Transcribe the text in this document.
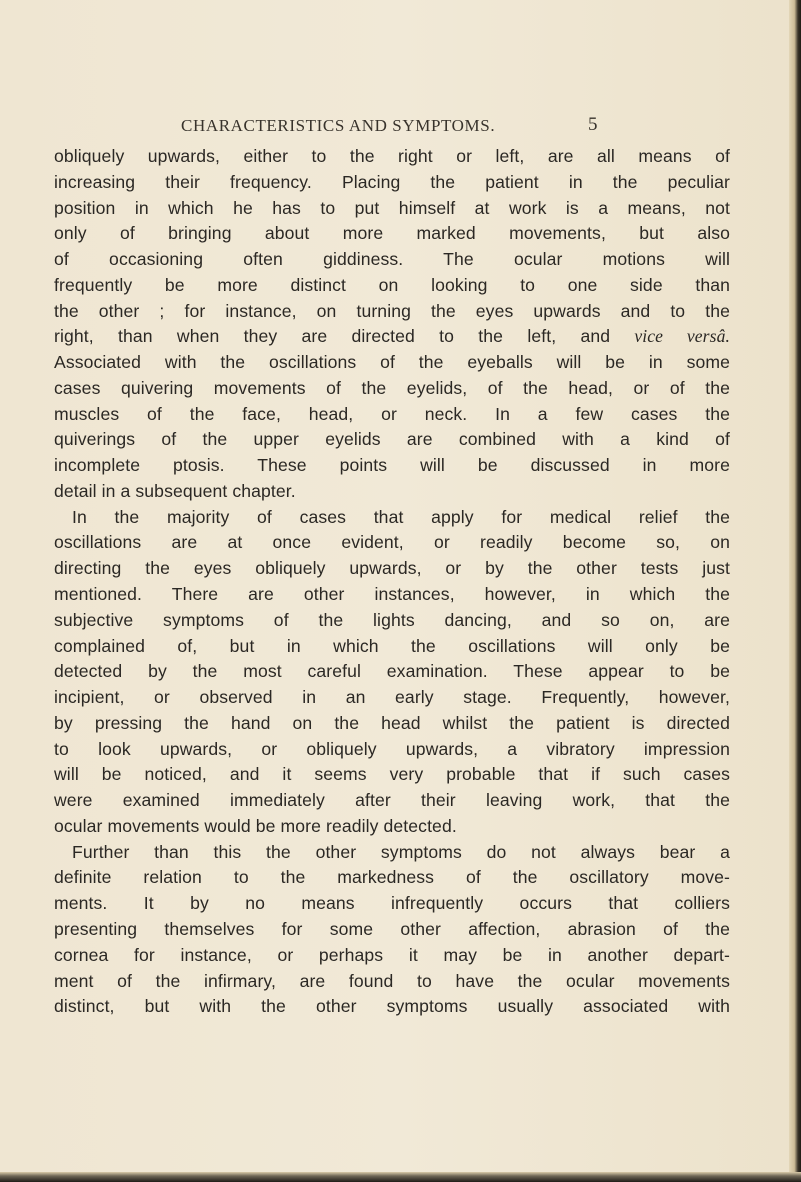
CHARACTERISTICS AND SYMPTOMS.	5
obliquely upwards, either to the right or left, are all means of
increasing their frequency. Placing the patient in the peculiar
position in which he has to put himself at work is a means, not
only of bringing about more marked movements, but also
of occasioning often giddiness. The ocular motions will
frequently be more distinct on looking to one side than
the other ; for instance, on turning the eyes upwards and to the
right, than when they are directed to the left, and vice versâ.
Associated with the oscillations of the eyeballs will be in some
cases quivering movements of the eyelids, of the head, or of the
muscles of the face, head, or neck. In a few cases the
quiverings of the upper eyelids are combined with a kind of
incomplete ptosis. These points will be discussed in more
detail in a subsequent chapter.
In the majority of cases that apply for medical relief the
oscillations are at once evident, or readily become so, on
directing the eyes obliquely upwards, or by the other tests just
mentioned. There are other instances, however, in which the
subjective symptoms of the lights dancing, and so on, are
complained of, but in which the oscillations will only be
detected by the most careful examination. These appear to be
incipient, or observed in an early stage. Frequently, however,
by pressing the hand on the head whilst the patient is directed
to look upwards, or obliquely upwards, a vibratory impression
will be noticed, and it seems very probable that if such cases
were examined immediately after their leaving work, that the
ocular movements would be more readily detected.
Further than this the other symptoms do not always bear a
definite relation to the markedness of the oscillatory move-
ments. It by no means infrequently occurs that colliers
presenting themselves for some other affection, abrasion of the
cornea for instance, or perhaps it may be in another depart-
ment of the infirmary, are found to have the ocular movements
distinct, but with the other symptoms usually associated with
